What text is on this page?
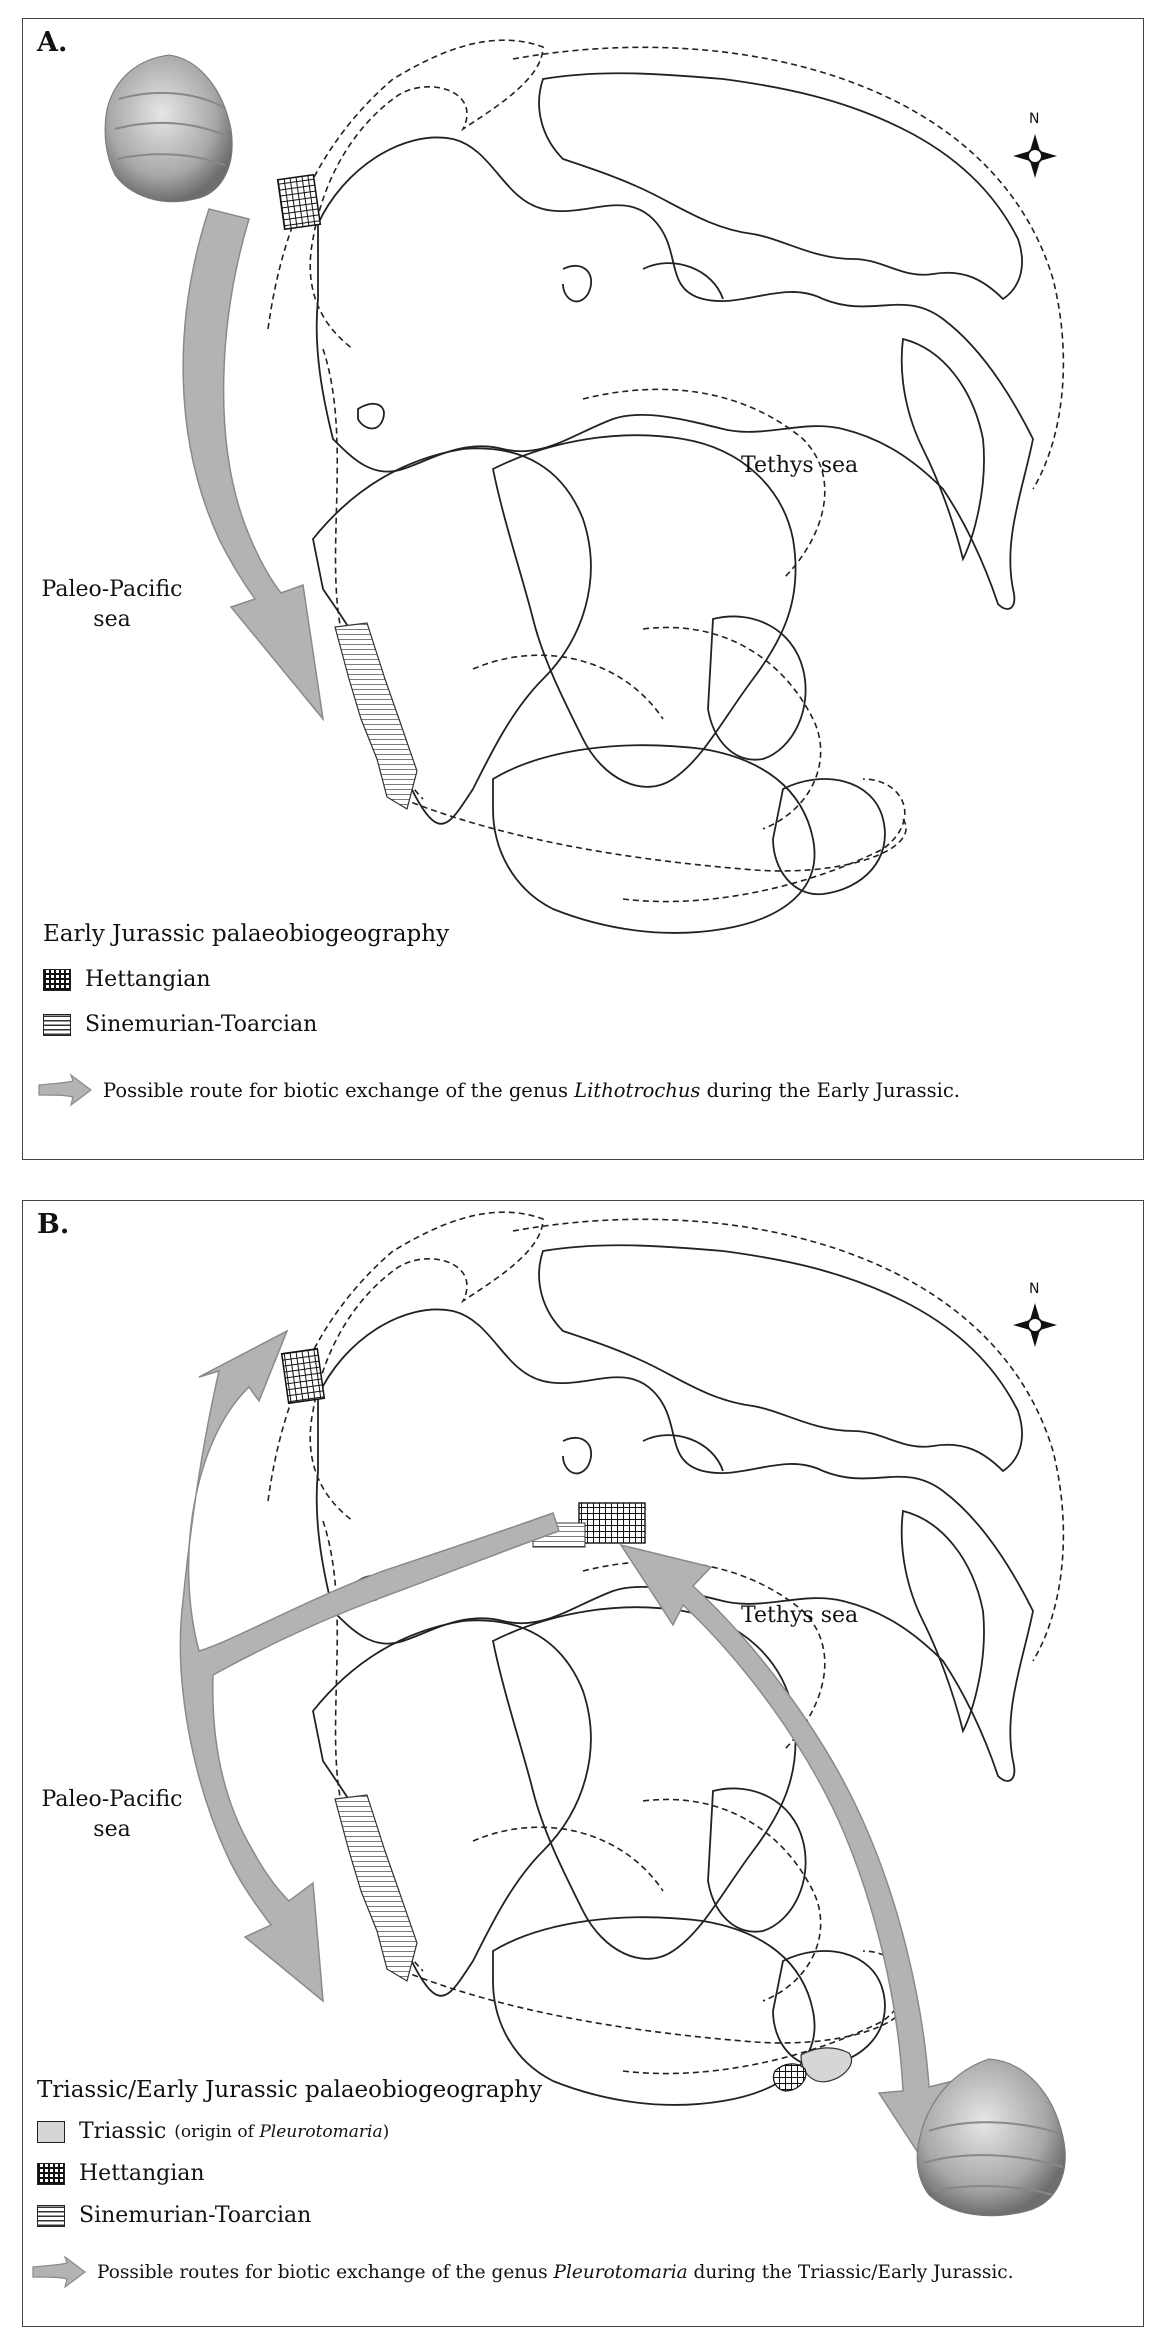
A.
N
Tethys sea
Paleo-Pacific
sea
Early Jurassic palaeobiogeography
Hettangian
Sinemurian-Toarcian
Possible route for biotic exchange of the genus Lithotrochus during the Early Jurassic.
B.
N
Tethys sea
Paleo-Pacific
sea
Triassic/Early Jurassic palaeobiogeography
Triassic (origin of Pleurotomaria)
Hettangian
Sinemurian-Toarcian
Possible routes for biotic exchange of the genus Pleurotomaria during the Triassic/Early Jurassic.
